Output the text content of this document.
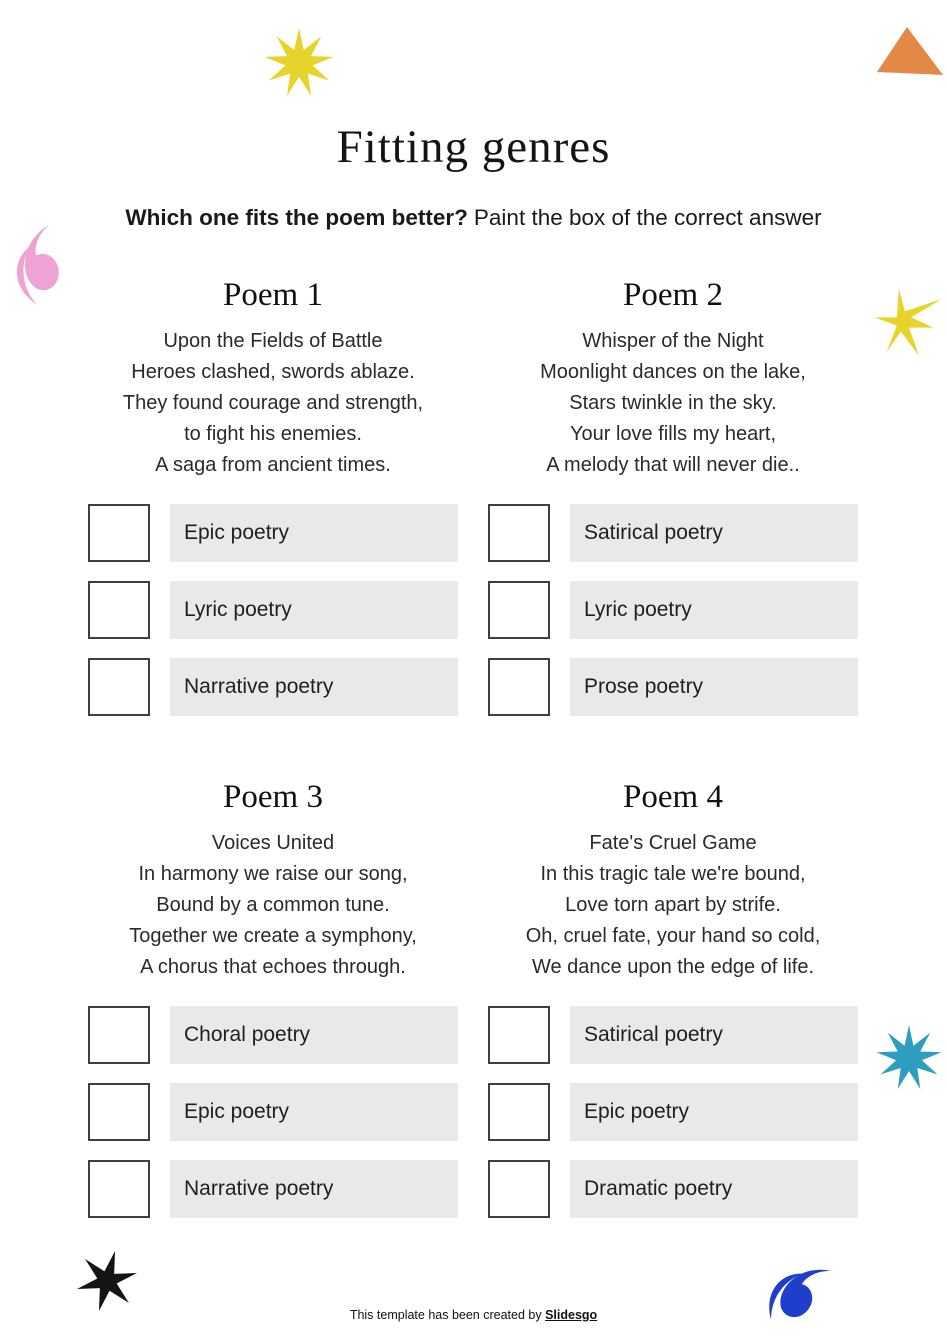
Fitting genres

Which one fits the poem better? Paint the box of the correct answer

Poem 1
Upon the Fields of Battle
Heroes clashed, swords ablaze.
They found courage and strength,
to fight his enemies.
A saga from ancient times.
Epic poetry
Lyric poetry
Narrative poetry
Poem 2
Whisper of the Night
Moonlight dances on the lake,
Stars twinkle in the sky.
Your love fills my heart,
A melody that will never die..
Satirical poetry
Lyric poetry
Prose poetry
Poem 3
Voices United
In harmony we raise our song,
Bound by a common tune.
Together we create a symphony,
A chorus that echoes through.
Choral poetry
Epic poetry
Narrative poetry
Poem 4
Fate's Cruel Game
In this tragic tale we're bound,
Love torn apart by strife.
Oh, cruel fate, your hand so cold,
We dance upon the edge of life.
Satirical poetry
Epic poetry
Dramatic poetry
This template has been created by Slidesgo
